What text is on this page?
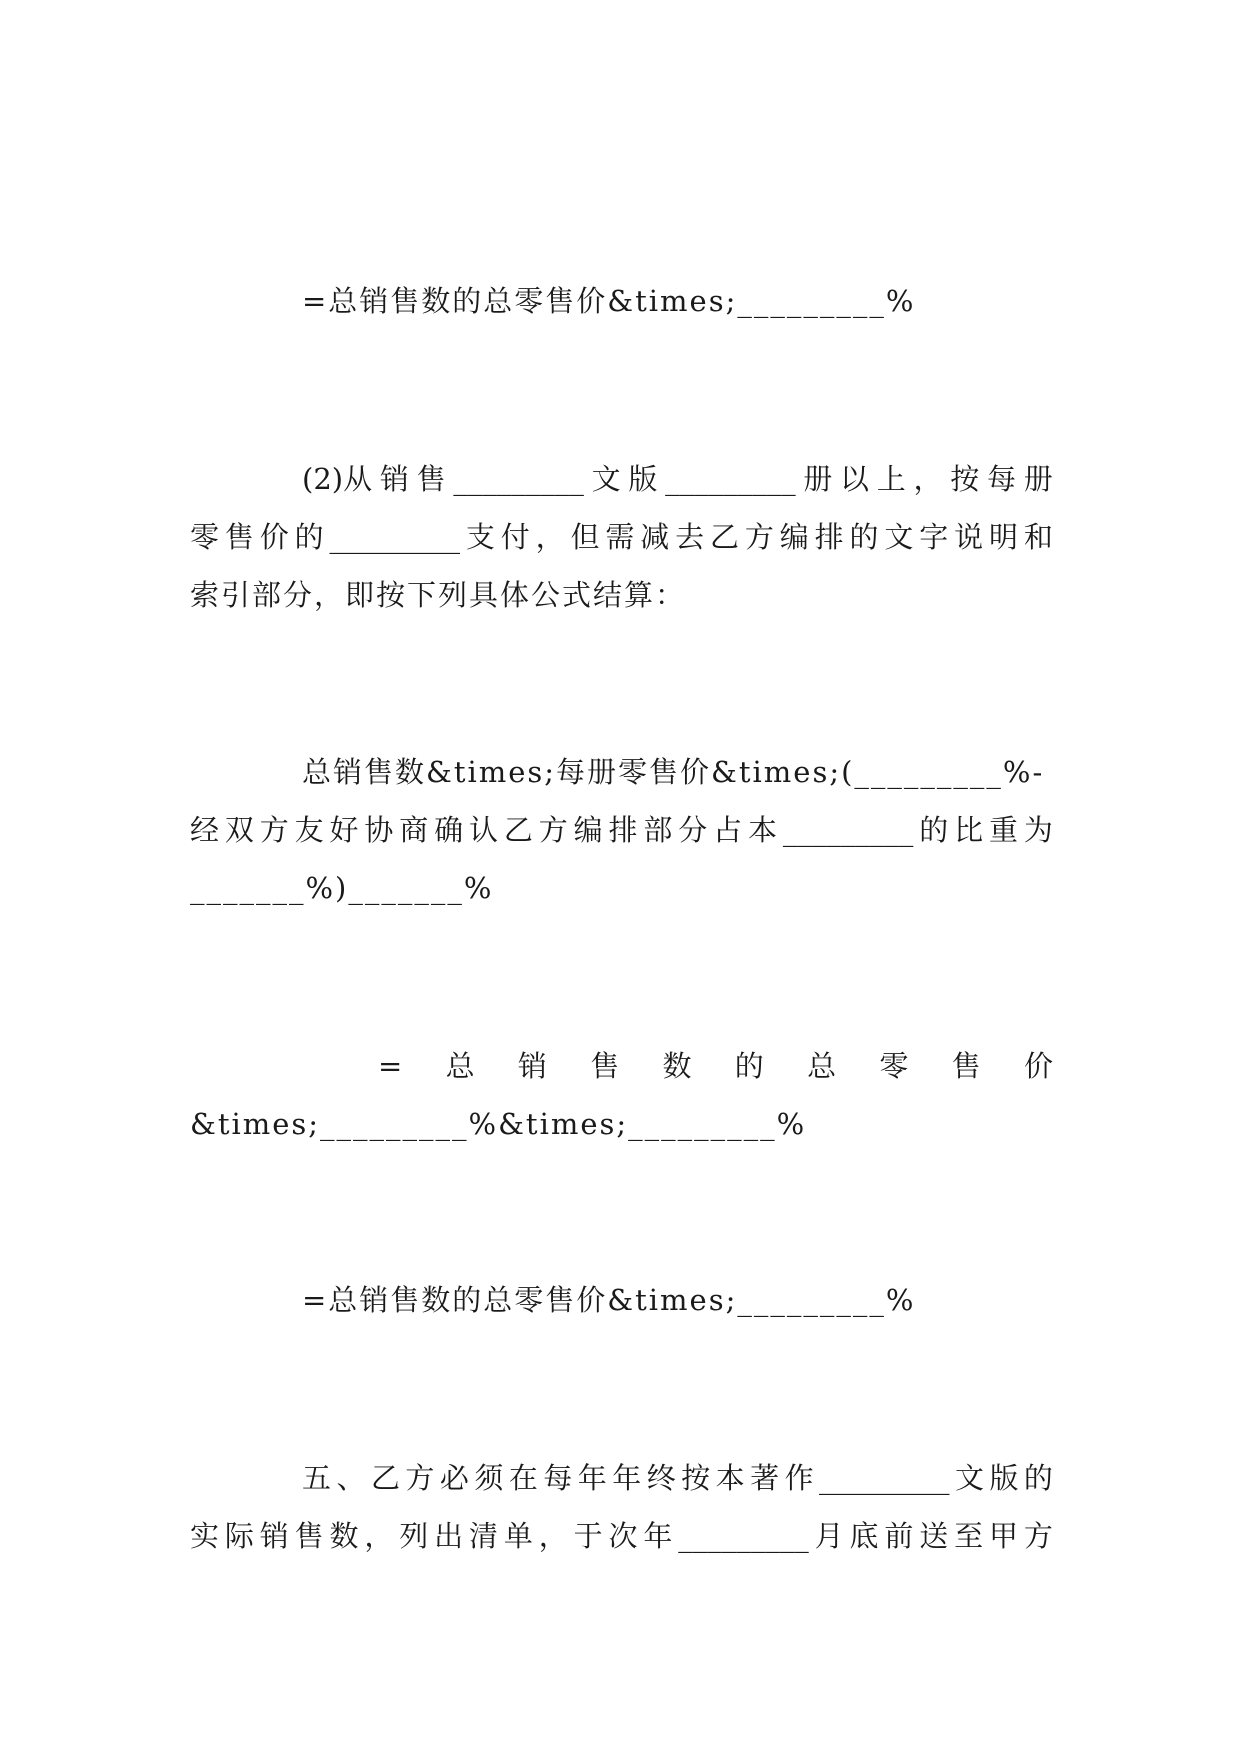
=总销售数的总零售价&times;_________%
(2)从 销 售 _________ 文 版 _________ 册 以 上 ， 按 每 册
零 售 价 的 _________ 支 付 ， 但 需 减 去 乙 方 编 排 的 文 字 说 明 和
索引部分，即按下列具体公式结算：
总销售数&times;每册零售价&times;(_________%-
经 双 方 友 好 协 商 确 认 乙 方 编 排 部 分 占 本 _________ 的 比 重 为
_______%)_______%
= 总 销 售 数 的 总 零 售 价
&times;_________%&times;_________%
=总销售数的总零售价&times;_________%
五 、 乙 方 必 须 在 每 年 年 终 按 本 著 作 _________ 文 版 的
实 际 销 售 数 ， 列 出 清 单 ， 于 次 年 _________ 月 底 前 送 至 甲 方
